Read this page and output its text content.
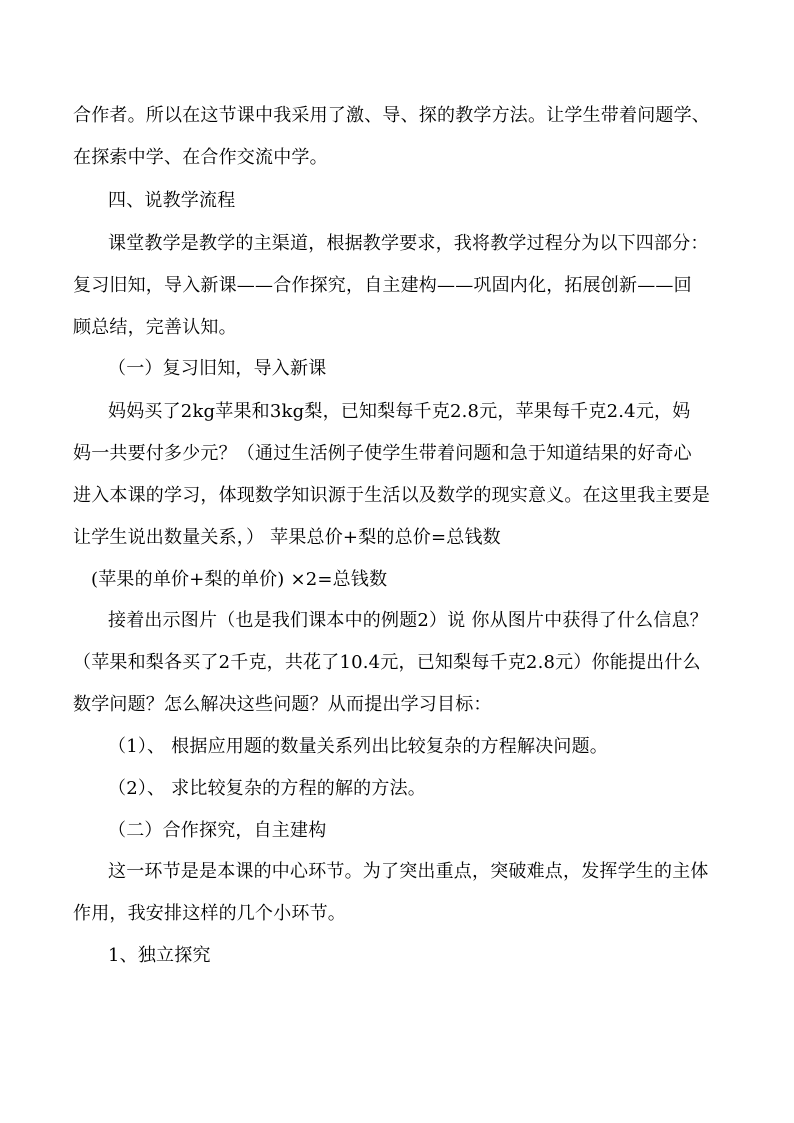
合作者。所以在这节课中我采用了激、导、探的教学方法。让学生带着问题学、
在探索中学、在合作交流中学。
四、说教学流程
课堂教学是教学的主渠道，根据教学要求，我将教学过程分为以下四部分：
复习旧知，导入新课——合作探究，自主建构——巩固内化，拓展创新——回
顾总结，完善认知。
（一）复习旧知，导入新课
妈妈买了2kg苹果和3kg梨，已知梨每千克2.8元，苹果每千克2.4元，妈
妈一共要付多少元？（通过生活例子使学生带着问题和急于知道结果的好奇心
进入本课的学习，体现数学知识源于生活以及数学的现实意义。在这里我主要是
让学生说出数量关系，） 苹果总价+梨的总价=总钱数
(苹果的单价+梨的单价) ×2=总钱数
接着出示图片（也是我们课本中的例题2）说 你从图片中获得了什么信息？
（苹果和梨各买了2千克，共花了10.4元，已知梨每千克2.8元）你能提出什么
数学问题？怎么解决这些问题？从而提出学习目标：
（1）、 根据应用题的数量关系列出比较复杂的方程解决问题。
（2）、 求比较复杂的方程的解的方法。
（二）合作探究，自主建构
这一环节是是本课的中心环节。为了突出重点，突破难点，发挥学生的主体
作用，我安排这样的几个小环节。
1、独立探究
